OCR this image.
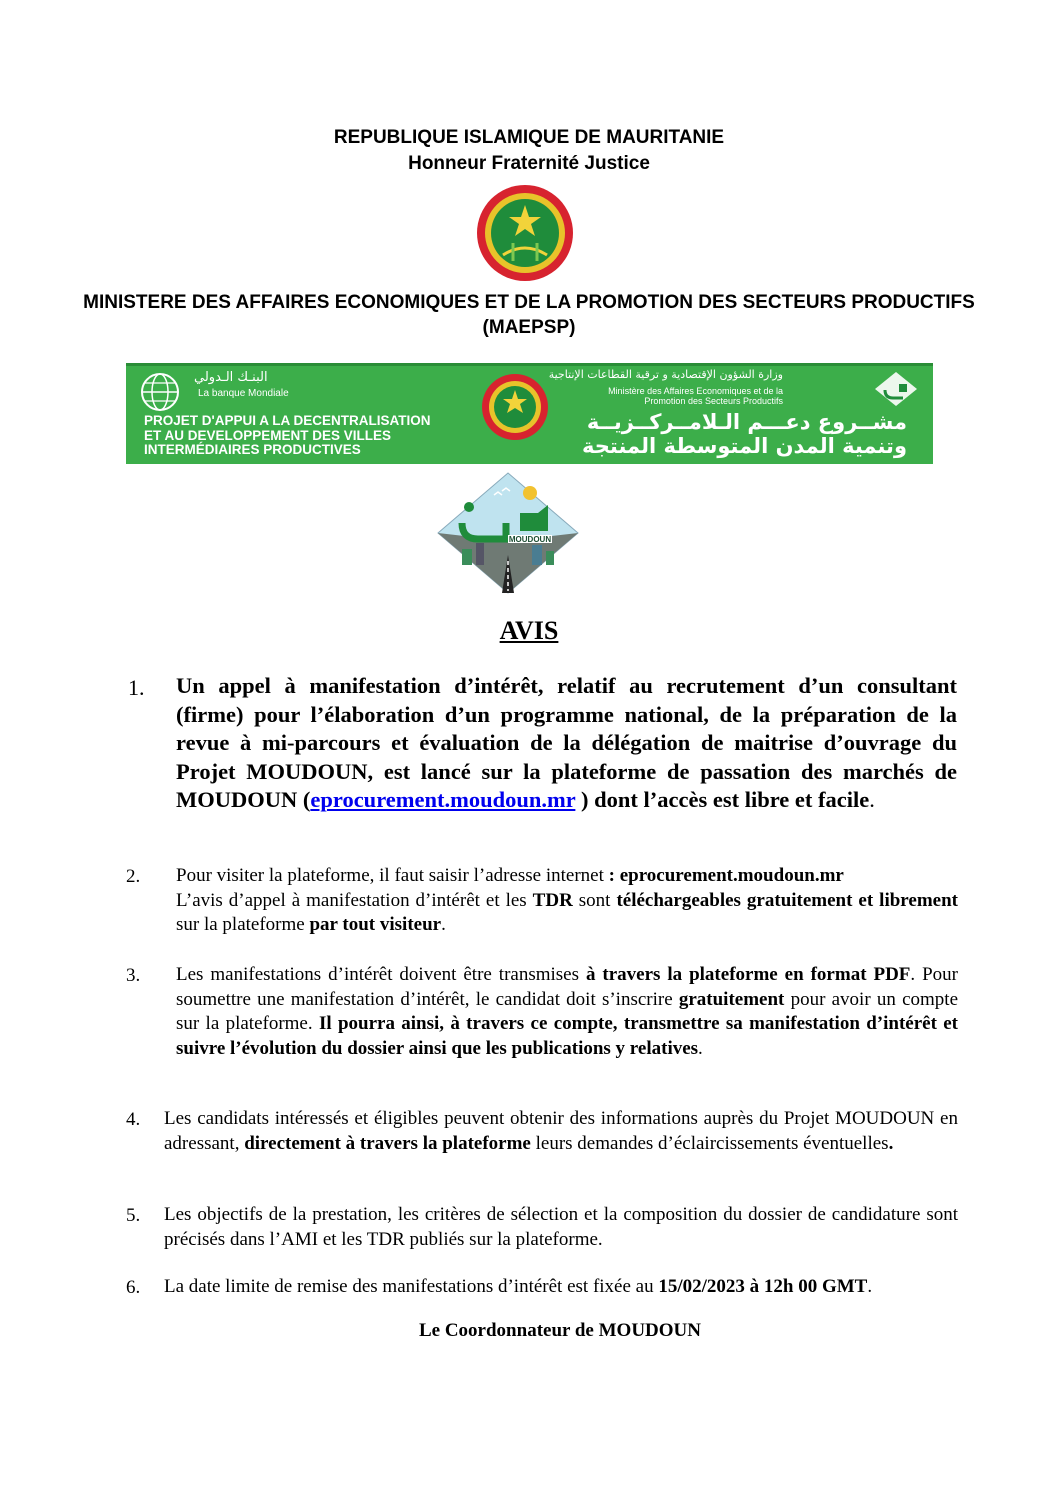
REPUBLIQUE ISLAMIQUE DE MAURITANIE
Honneur Fraternité Justice
MINISTERE DES AFFAIRES ECONOMIQUES ET DE LA PROMOTION DES SECTEURS PRODUCTIFS (MAEPSP)
البنـك الـدولي
La banque Mondiale
PROJET D'APPUI A LA DECENTRALISATION
ET AU DEVELOPPEMENT DES VILLES
INTERMÉDIAIRES PRODUCTIVES
وزارة الشؤون الإقتصادية و ترقية القطاعات الإنتاجية
Ministère des Affaires Economiques et de la
Promotion des Secteurs Productifs
مشــروع دعـــم الـلامــركــزيــة
وتنمية المدن المتوسطة المنتجة
MOUDOUN
AVIS
1. Un appel à manifestation d’intérêt, relatif au recrutement d’un consultant (firme) pour l’élaboration d’un programme national, de la préparation de la revue à mi-parcours et évaluation de la délégation de maitrise d’ouvrage du Projet MOUDOUN, est lancé sur la plateforme de passation des marchés de MOUDOUN (eprocurement.moudoun.mr ) dont l’accès est libre et facile.
2. Pour visiter la plateforme, il faut saisir l’adresse internet : eprocurement.moudoun.mr
L’avis d’appel à manifestation d’intérêt et les TDR sont téléchargeables gratuitement et librement sur la plateforme par tout visiteur.
3. Les manifestations d’intérêt doivent être transmises à travers la plateforme en format PDF. Pour soumettre une manifestation d’intérêt, le candidat doit s’inscrire gratuitement pour avoir un compte sur la plateforme. Il pourra ainsi, à travers ce compte, transmettre sa manifestation d’intérêt et suivre l’évolution du dossier ainsi que les publications y relatives.
4. Les candidats intéressés et éligibles peuvent obtenir des informations auprès du Projet MOUDOUN en adressant, directement à travers la plateforme leurs demandes d’éclaircissements éventuelles.
5. Les objectifs de la prestation, les critères de sélection et la composition du dossier de candidature sont précisés dans l’AMI et les TDR publiés sur la plateforme.
6. La date limite de remise des manifestations d’intérêt est fixée au 15/02/2023 à 12h 00 GMT.
Le Coordonnateur de MOUDOUN
